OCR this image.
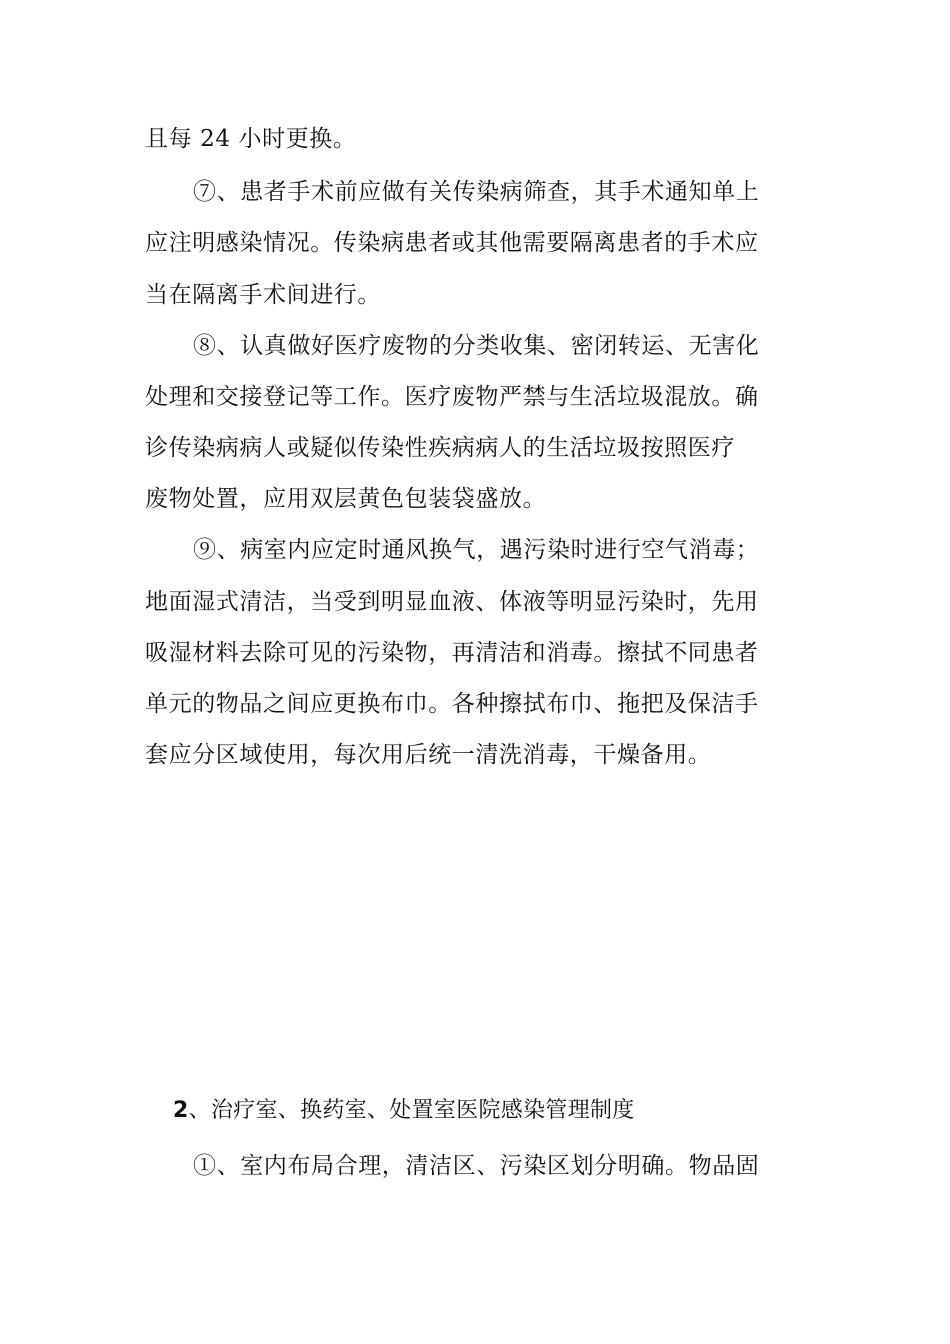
且每 24 小时更换。
⑦、患者手术前应做有关传染病筛查，其手术通知单上
应注明感染情况。传染病患者或其他需要隔离患者的手术应
当在隔离手术间进行。
⑧、认真做好医疗废物的分类收集、密闭转运、无害化
处理和交接登记等工作。医疗废物严禁与生活垃圾混放。确
诊传染病病人或疑似传染性疾病病人的生活垃圾按照医疗
废物处置，应用双层黄色包装袋盛放。
⑨、病室内应定时通风换气，遇污染时进行空气消毒；
地面湿式清洁，当受到明显血液、体液等明显污染时，先用
吸湿材料去除可见的污染物，再清洁和消毒。擦拭不同患者
单元的物品之间应更换布巾。各种擦拭布巾、拖把及保洁手
套应分区域使用，每次用后统一清洗消毒，干燥备用。
2、治疗室、换药室、处置室医院感染管理制度
①、室内布局合理，清洁区、污染区划分明确。物品固
